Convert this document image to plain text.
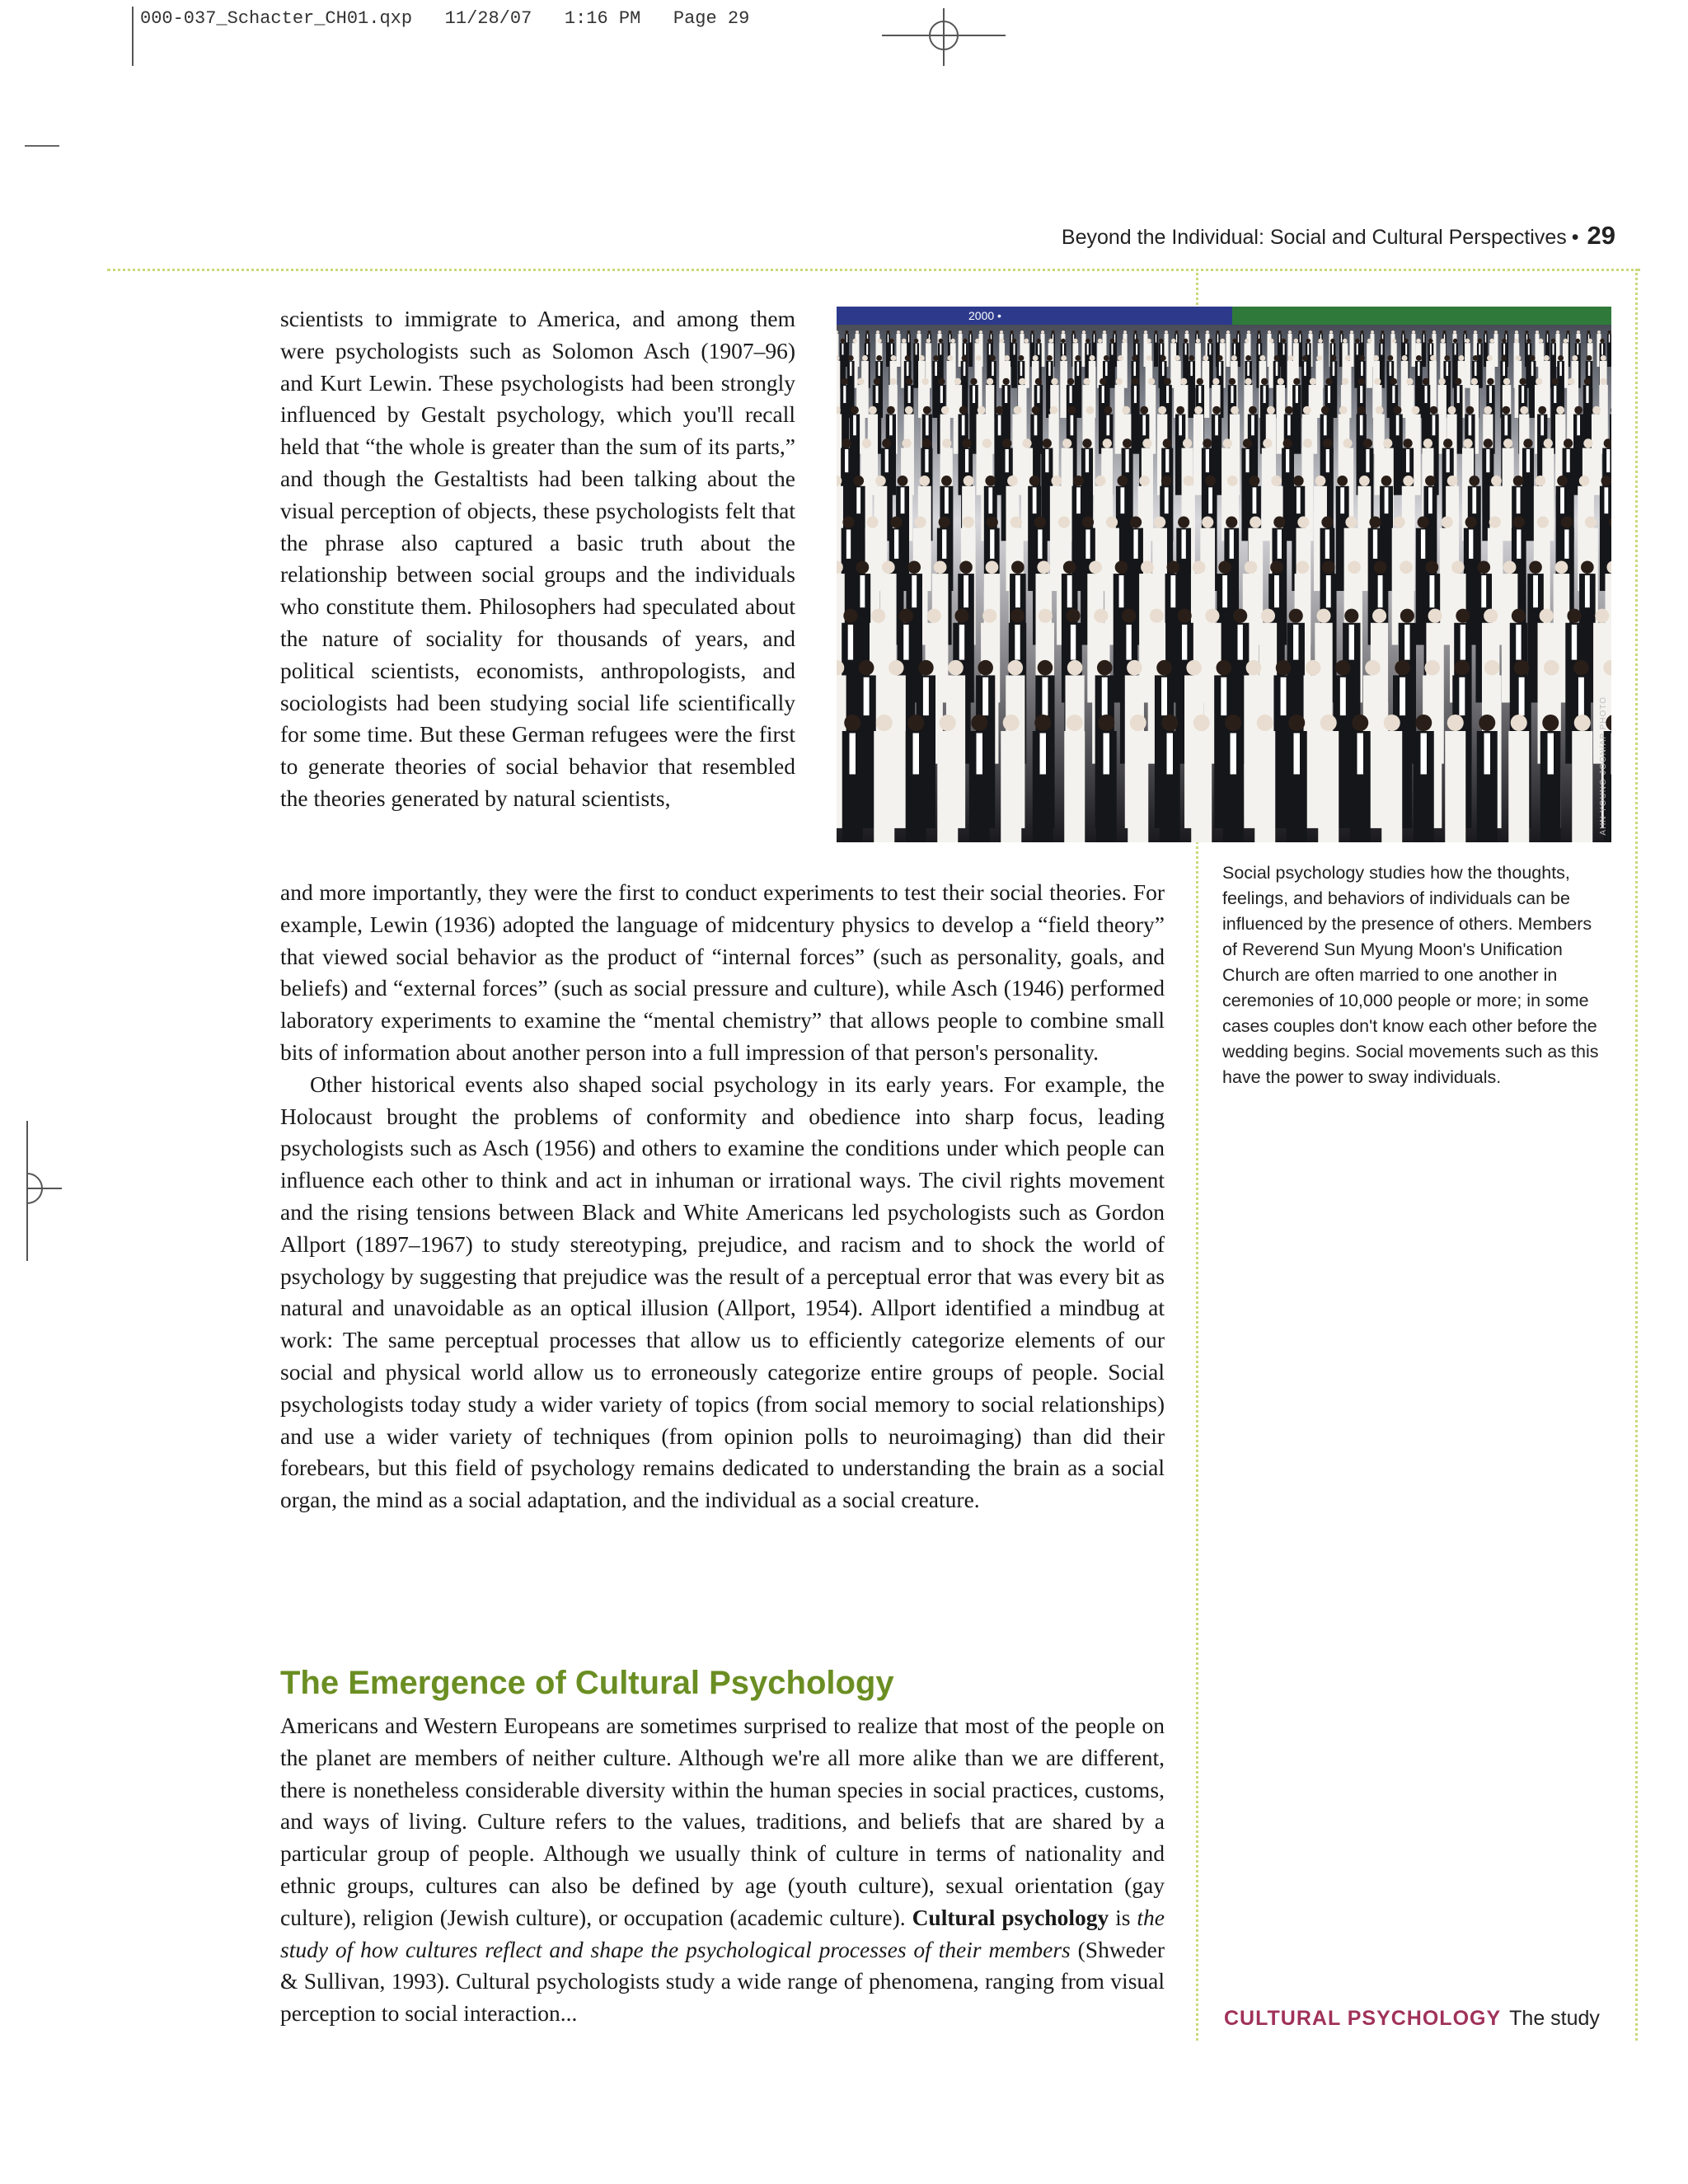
000-037_Schacter_CH01.qxp   11/28/07   1:16 PM   Page 29
Beyond the Individual: Social and Cultural Perspectives • 29
2000 •
AHN YOUNG-JOON/AP PHOTO
Social psychology studies how the thoughts, feelings, and behaviors of individuals can be influenced by the presence of others. Members of Reverend Sun Myung Moon's Unification Church are often married to one another in ceremonies of 10,000 people or more; in some cases couples don't know each other before the wedding begins. Social movements such as this have the power to sway individuals.

scientists to immigrate to America, and among them were psychologists such as Solomon Asch (1907–96) and Kurt Lewin. These psychologists had been strongly influenced by Gestalt psychology, which you'll recall held that “the whole is greater than the sum of its parts,” and though the Gestaltists had been talking about the visual perception of objects, these psychologists felt that the phrase also captured a basic truth about the relationship between social groups and the individuals who constitute them. Philosophers had speculated about the nature of sociality for thousands of years, and political scientists, economists, anthropologists, and sociologists had been studying social life scientifically for some time. But these German refugees were the first to generate theories of social behavior that resembled the theories generated by natural scientists,

and more importantly, they were the first to conduct experiments to test their social theories. For example, Lewin (1936) adopted the language of midcentury physics to develop a “field theory” that viewed social behavior as the product of “internal forces” (such as personality, goals, and beliefs) and “external forces” (such as social pressure and culture), while Asch (1946) performed laboratory experiments to examine the “mental chemistry” that allows people to combine small bits of information about another person into a full impression of that person's personality.

Other historical events also shaped social psychology in its early years. For example, the Holocaust brought the problems of conformity and obedience into sharp focus, leading psychologists such as Asch (1956) and others to examine the conditions under which people can influence each other to think and act in inhuman or irrational ways. The civil rights movement and the rising tensions between Black and White Americans led psychologists such as Gordon Allport (1897–1967) to study stereotyping, prejudice, and racism and to shock the world of psychology by suggesting that prejudice was the result of a perceptual error that was every bit as natural and unavoidable as an optical illusion (Allport, 1954). Allport identified a mindbug at work: The same perceptual processes that allow us to efficiently categorize elements of our social and physical world allow us to erroneously categorize entire groups of people. Social psychologists today study a wider variety of topics (from social memory to social relationships) and use a wider variety of techniques (from opinion polls to neuroimaging) than did their forebears, but this field of psychology remains dedicated to understanding the brain as a social organ, the mind as a social adaptation, and the individual as a social creature.

The Emergence of Cultural Psychology

Americans and Western Europeans are sometimes surprised to realize that most of the people on the planet are members of neither culture. Although we're all more alike than we are different, there is nonetheless considerable diversity within the human species in social practices, customs, and ways of living. Culture refers to the values, traditions, and beliefs that are shared by a particular group of people. Although we usually think of culture in terms of nationality and ethnic groups, cultures can also be defined by age (youth culture), sexual orientation (gay culture), religion (Jewish culture), or occupation (academic culture). Cultural psychology is the study of how cultures reflect and shape the psychological processes of their members (Shweder & Sullivan, 1993). Cultural psychologists study a wide range of phenomena, ranging from visual perception to social interaction...	CULTURAL PSYCHOLOGY The study
